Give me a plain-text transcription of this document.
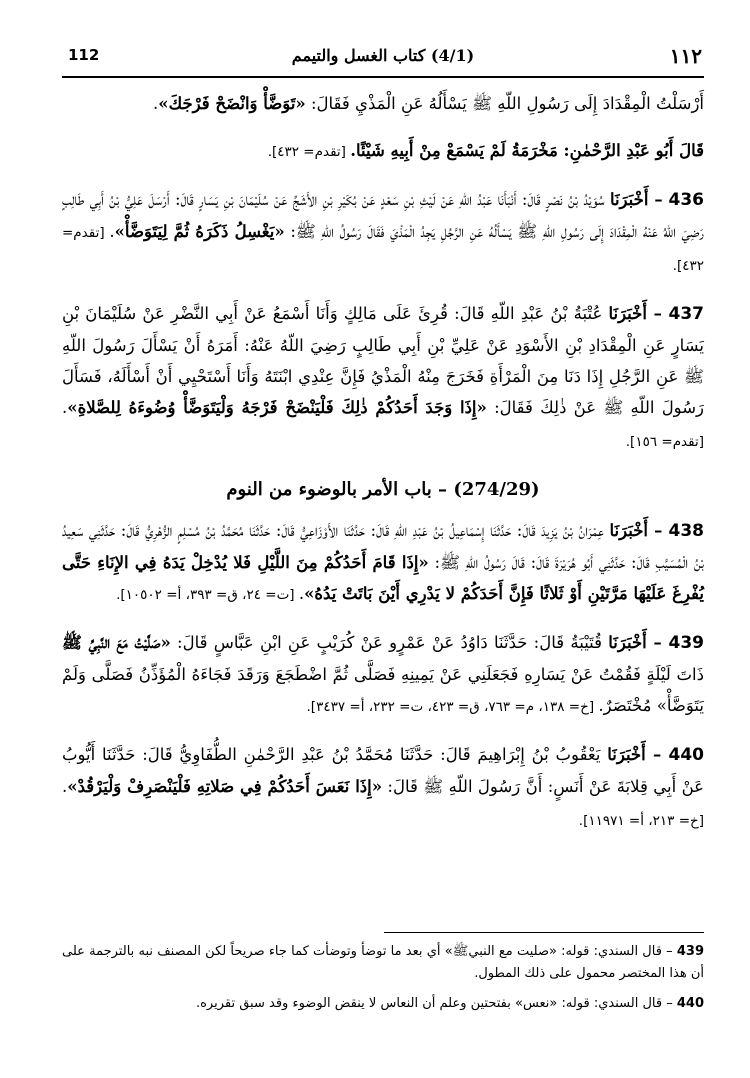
١١٢
(4/1) كتاب الغسل والتيمم
112

أَرْسَلْتُ الْمِقْدَادَ إِلَى رَسُولِ اللّهِ ﷺ يَسْأَلُهُ عَنِ الْمَذْيِ فَقَالَ: «تَوَضَّأْ وَانْضَحْ فَرْجَكَ».

قَالَ أَبُو عَبْدِ الرَّحْمٰنِ: مَخْرَمَةُ لَمْ يَسْمَعْ مِنْ أَبِيهِ شَيْئًا. [تقدم= ٤٣٢].

436 – أَخْبَرَنَا سُوَيْدُ بْنُ نَصْرٍ قَالَ: أَنْبَأَنَا عَبْدُ اللّهِ عَنْ لَيْثِ بْنِ سَعْدٍ عَنْ بُكَيْرِ بْنِ الأَشَجِّ عَنْ سُلَيْمَانَ بْنِ يَسَارٍ قَالَ: أَرْسَلَ عَلِيُّ بْنُ أَبِي طَالِبٍ رَضِيَ اللّهُ عَنْهُ الْمِقْدَادَ إِلَى رَسُولِ اللّهِ ﷺ يَسْأَلُهُ عَنِ الرَّجُلِ يَجِدُ الْمَذْيَ فَقَالَ رَسُولُ اللّهِ ﷺ: «يَغْسِلُ ذَكَرَهُ ثُمَّ لِيَتَوَضَّأْ». [تقدم= ٤٣٢].

437 – أَخْبَرَنَا عُتْبَةُ بْنُ عَبْدِ اللّهِ قَالَ: قُرِئَ عَلَى مَالِكٍ وَأَنَا أَسْمَعُ عَنْ أَبِي النَّضْرِ عَنْ سُلَيْمَانَ بْنِ يَسَارٍ عَنِ الْمِقْدَادِ بْنِ الأَسْوَدِ عَنْ عَلِيِّ بْنِ أَبِي طَالِبٍ رَضِيَ اللّهُ عَنْهُ: أَمَرَهُ أَنْ يَسْأَلَ رَسُولَ اللّهِ ﷺ عَنِ الرَّجُلِ إِذَا دَنَا مِنَ الْمَرْأَةِ فَخَرَجَ مِنْهُ الْمَذْيُ فَإِنَّ عِنْدِي ابْنَتَهُ وَأَنَا أَسْتَحْيِي أَنْ أَسْأَلَهُ، فَسَأَلَ رَسُولَ اللّهِ ﷺ عَنْ ذٰلِكَ فَقَالَ: «إِذَا وَجَدَ أَحَدُكُمْ ذٰلِكَ فَلْيَنْضَحْ فَرْجَهُ وَلْيَتَوَضَّأْ وُضُوءَهُ لِلصَّلاةِ». [تقدم= ١٥٦].

(274/29) – باب الأمر بالوضوء من النوم

438 – أَخْبَرَنَا عِمْرَانُ بْنُ يَزِيدَ قَالَ: حَدَّثَنَا إِسْمَاعِيلُ بْنُ عَبْدِ اللّهِ قَالَ: حَدَّثَنَا الأَوْزَاعِيُّ قَالَ: حَدَّثَنَا مُحَمَّدُ بْنُ مُسْلِمٍ الزُّهْرِيُّ قَالَ: حَدَّثَنِي سَعِيدُ بْنُ الْمُسَيَّبِ قَالَ: حَدَّثَنِي أَبُو هُرَيْرَةَ قَالَ: قَالَ رَسُولُ اللّهِ ﷺ: «إِذَا قَامَ أَحَدُكُمْ مِنَ اللَّيْلِ فَلا يُدْخِلْ يَدَهُ فِي الإِنَاءِ حَتَّى يُفْرِغَ عَلَيْهَا مَرَّتَيْنِ أَوْ ثَلاثًا فَإِنَّ أَحَدَكُمْ لا يَدْرِي أَيْنَ بَاتَتْ يَدُهُ». [ت= ٢٤، ق= ٣٩٣، أ= ١٠٥٠٢].

439 – أَخْبَرَنَا قُتَيْبَةُ قَالَ: حَدَّثَنَا دَاوُدُ عَنْ عَمْرٍو عَنْ كُرَيْبٍ عَنِ ابْنِ عَبَّاسٍ قَالَ: «صَلَّيْتُ مَعَ النَّبِيِّ ﷺ ذَاتَ لَيْلَةٍ فَقُمْتُ عَنْ يَسَارِهِ فَجَعَلَنِي عَنْ يَمِينِهِ فَصَلَّى ثُمَّ اضْطَجَعَ وَرَقَدَ فَجَاءَهُ الْمُؤَذِّنُ فَصَلَّى وَلَمْ يَتَوَضَّأْ» مُخْتَصَرٌ. [خ= ١٣٨، م= ٧٦٣، ق= ٤٢٣، ت= ٢٣٢، أ= ٣٤٣٧].

440 – أَخْبَرَنَا يَعْقُوبُ بْنُ إِبْرَاهِيمَ قَالَ: حَدَّثَنَا مُحَمَّدُ بْنُ عَبْدِ الرَّحْمٰنِ الطُّفَاوِيُّ قَالَ: حَدَّثَنَا أَيُّوبُ عَنْ أَبِي قِلابَةَ عَنْ أَنَسٍ: أَنَّ رَسُولَ اللّهِ ﷺ قَالَ: «إِذَا نَعَسَ أَحَدُكُمْ فِي صَلاتِهِ فَلْيَنْصَرِفْ وَلْيَرْقُدْ». [خ= ٢١٣، أ= ١١٩٧١].

439 – قال السندي: قوله: «صليت مع النبيﷺ» أي بعد ما توضأ وتوضأت كما جاء صريحاً لكن المصنف نبه بالترجمة على أن هذا المختصر محمول على ذلك المطول.

440 – قال السندي: قوله: «نعس» بفتحتين وعلم أن النعاس لا ينقض الوضوء وقد سبق تقريره.
